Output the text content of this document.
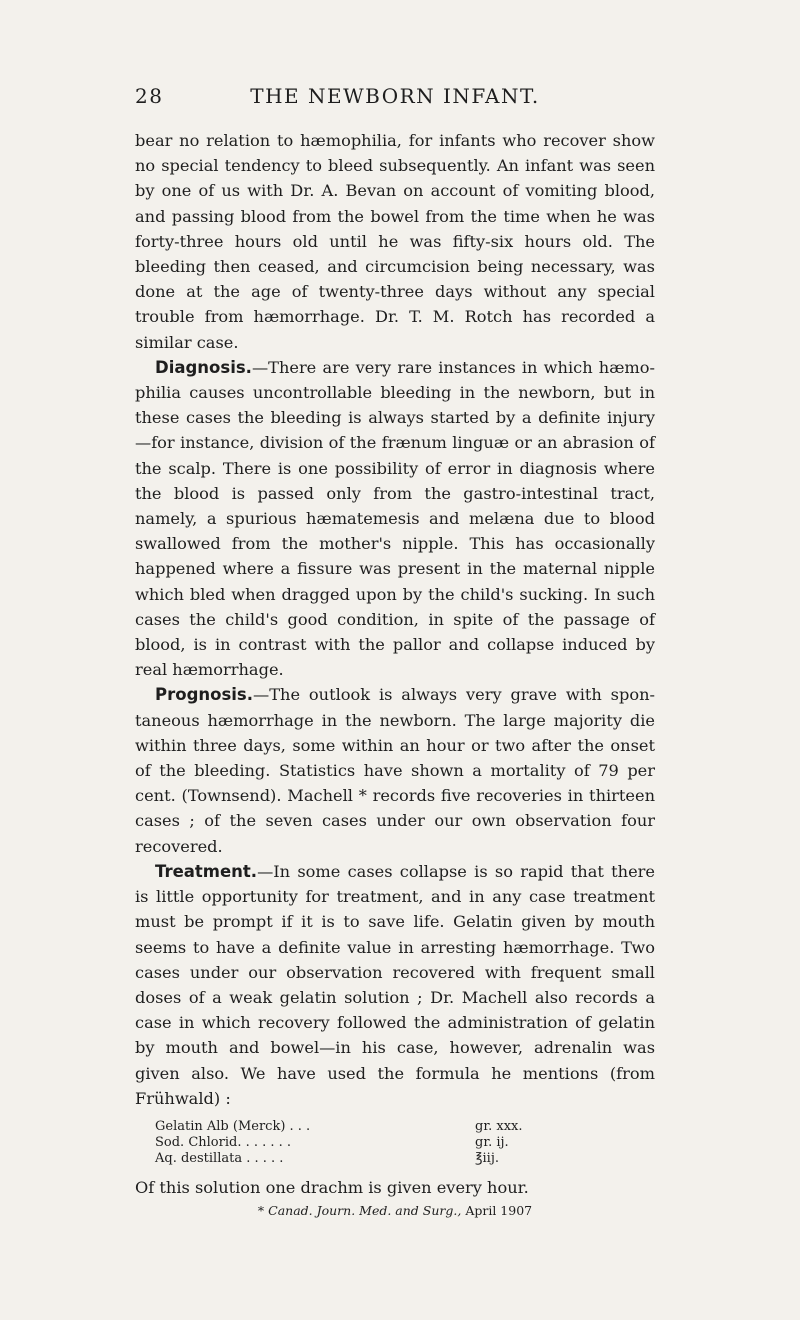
28	THE NEWBORN INFANT.

bear no relation to hæmophilia, for infants who recover show no special tendency to bleed subsequently. An infant was seen by one of us with Dr. A. Bevan on account of vomiting blood, and passing blood from the bowel from the time when he was forty-three hours old until he was fifty-six hours old. The bleeding then ceased, and circumcision being necessary, was done at the age of twenty-three days without any special trouble from hæmorrhage. Dr. T. M. Rotch has recorded a similar case.

Diagnosis.—There are very rare instances in which hæmo-philia causes uncontrollable bleeding in the newborn, but in these cases the bleeding is always started by a definite injury—for instance, division of the frænum linguæ or an abrasion of the scalp. There is one possibility of error in diagnosis where the blood is passed only from the gastro-intestinal tract, namely, a spurious hæmatemesis and melæna due to blood swallowed from the mother's nipple. This has occasionally happened where a fissure was present in the maternal nipple which bled when dragged upon by the child's sucking. In such cases the child's good condition, in spite of the passage of blood, is in contrast with the pallor and collapse induced by real hæmorrhage.

Prognosis.—The outlook is always very grave with spon-taneous hæmorrhage in the newborn. The large majority die within three days, some within an hour or two after the onset of the bleeding. Statistics have shown a mortality of 79 per cent. (Townsend). Machell * records five recoveries in thirteen cases ; of the seven cases under our own observation four recovered.

Treatment.—In some cases collapse is so rapid that there is little opportunity for treatment, and in any case treatment must be prompt if it is to save life. Gelatin given by mouth seems to have a definite value in arresting hæmorrhage. Two cases under our observation recovered with frequent small doses of a weak gelatin solution ; Dr. Machell also records a case in which recovery followed the administration of gelatin by mouth and bowel—in his case, however, adrenalin was given also. We have used the formula he mentions (from Frühwald) :

Gelatin Alb (Merck) . . .	gr. xxx.
Sod. Chlorid. . . . . . .	gr. ij.
Aq. destillata . . . . .	℥iij.

Of this solution one drachm is given every hour.

* Canad. Journ. Med. and Surg., April 1907
